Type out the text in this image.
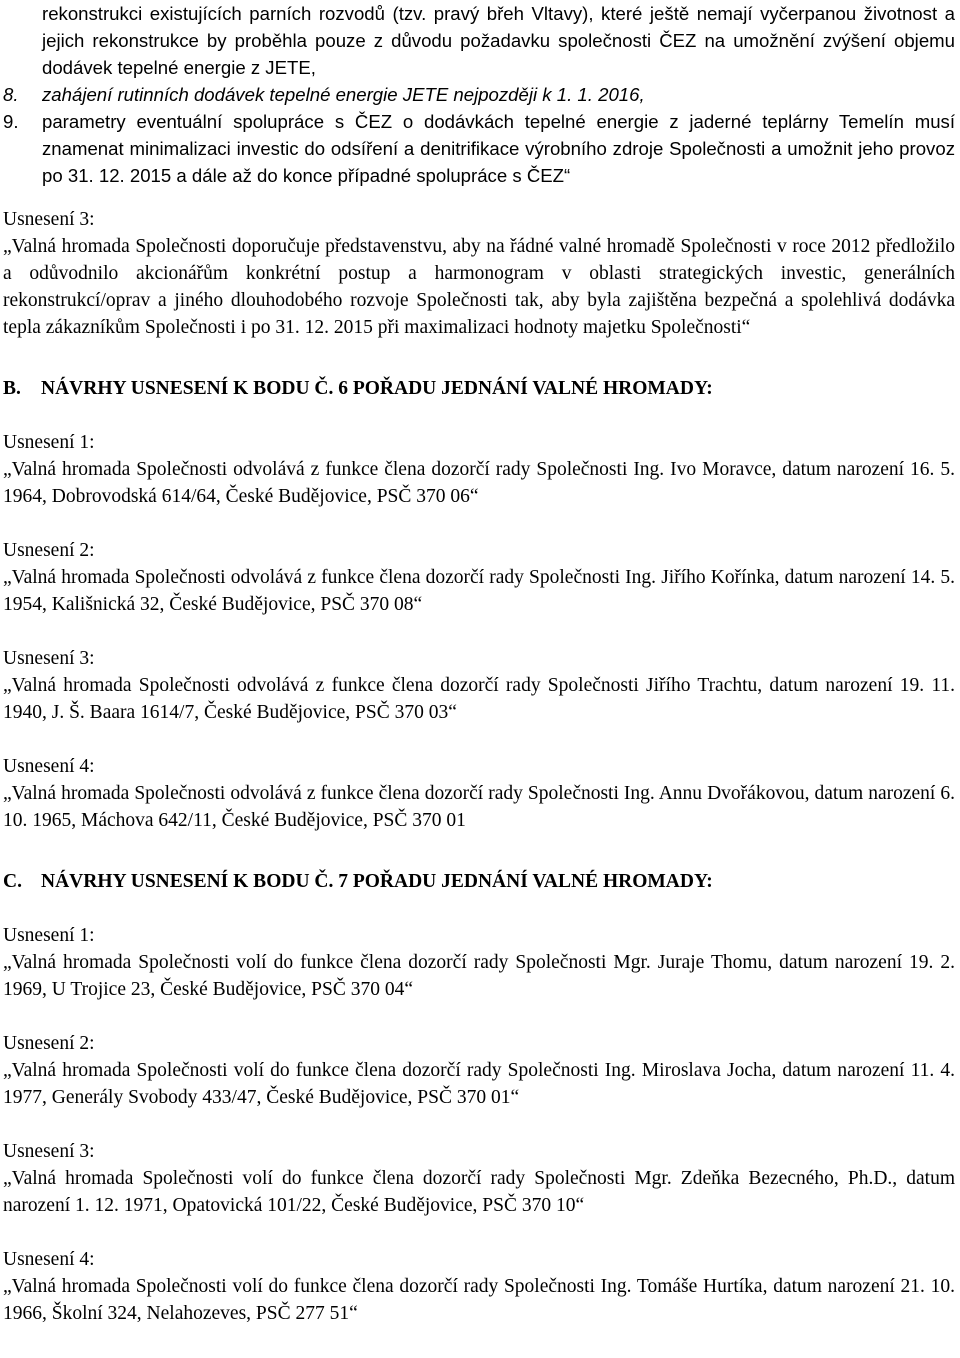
rekonstrukci existujících parních rozvodů (tzv. pravý břeh Vltavy), které ještě nemají vyčerpanou životnost a jejich rekonstrukce by proběhla pouze z důvodu požadavku společnosti ČEZ na umožnění zvýšení objemu dodávek tepelné energie z JETE,

8. zahájení rutinních dodávek tepelné energie JETE nejpozději k 1. 1. 2016,
9. parametry eventuální spolupráce s ČEZ o dodávkách tepelné energie z jaderné teplárny Temelín musí znamenat minimalizaci investic do odsíření a denitrifikace výrobního zdroje Společnosti a umožnit jeho provoz po 31. 12. 2015 a dále až do konce případné spolupráce s ČEZ“

Usnesení 3:

„Valná hromada Společnosti doporučuje představenstvu, aby na řádné valné hromadě Společnosti v roce 2012 předložilo a odůvodnilo akcionářům konkrétní postup a harmonogram v oblasti strategických investic, generálních rekonstrukcí/oprav a jiného dlouhodobého rozvoje Společnosti tak, aby byla zajištěna bezpečná a spolehlivá dodávka tepla zákazníkům Společnosti i po 31. 12. 2015 při maximalizaci hodnoty majetku Společnosti“

B. NÁVRHY USNESENÍ K BODU Č. 6 POŘADU JEDNÁNÍ VALNÉ HROMADY:

Usnesení 1:

„Valná hromada Společnosti odvolává z funkce člena dozorčí rady Společnosti Ing. Ivo Moravce, datum narození 16. 5. 1964, Dobrovodská 614/64, České Budějovice, PSČ 370 06“

Usnesení 2:

„Valná hromada Společnosti odvolává z funkce člena dozorčí rady Společnosti Ing. Jiřího Kořínka, datum narození 14. 5. 1954, Kališnická 32, České Budějovice, PSČ 370 08“

Usnesení 3:

„Valná hromada Společnosti odvolává z funkce člena dozorčí rady Společnosti Jiřího Trachtu, datum narození 19. 11. 1940, J. Š. Baara 1614/7, České Budějovice, PSČ 370 03“

Usnesení 4:

„Valná hromada Společnosti odvolává z funkce člena dozorčí rady Společnosti Ing. Annu Dvořákovou, datum narození 6. 10. 1965, Máchova 642/11, České Budějovice, PSČ 370 01

C. NÁVRHY USNESENÍ K BODU Č. 7 POŘADU JEDNÁNÍ VALNÉ HROMADY:

Usnesení 1:

„Valná hromada Společnosti volí do funkce člena dozorčí rady Společnosti Mgr. Juraje Thomu, datum narození 19. 2. 1969, U Trojice 23, České Budějovice, PSČ 370 04“

Usnesení 2:

„Valná hromada Společnosti volí do funkce člena dozorčí rady Společnosti Ing. Miroslava Jocha, datum narození 11. 4. 1977, Generály Svobody 433/47, České Budějovice, PSČ 370 01“

Usnesení 3:

„Valná hromada Společnosti volí do funkce člena dozorčí rady Společnosti Mgr. Zdeňka Bezecného, Ph.D., datum narození 1. 12. 1971, Opatovická 101/22, České Budějovice, PSČ 370 10“

Usnesení 4:

„Valná hromada Společnosti volí do funkce člena dozorčí rady Společnosti Ing. Tomáše Hurtíka, datum narození 21. 10. 1966, Školní 324, Nelahozeves, PSČ 277 51“
